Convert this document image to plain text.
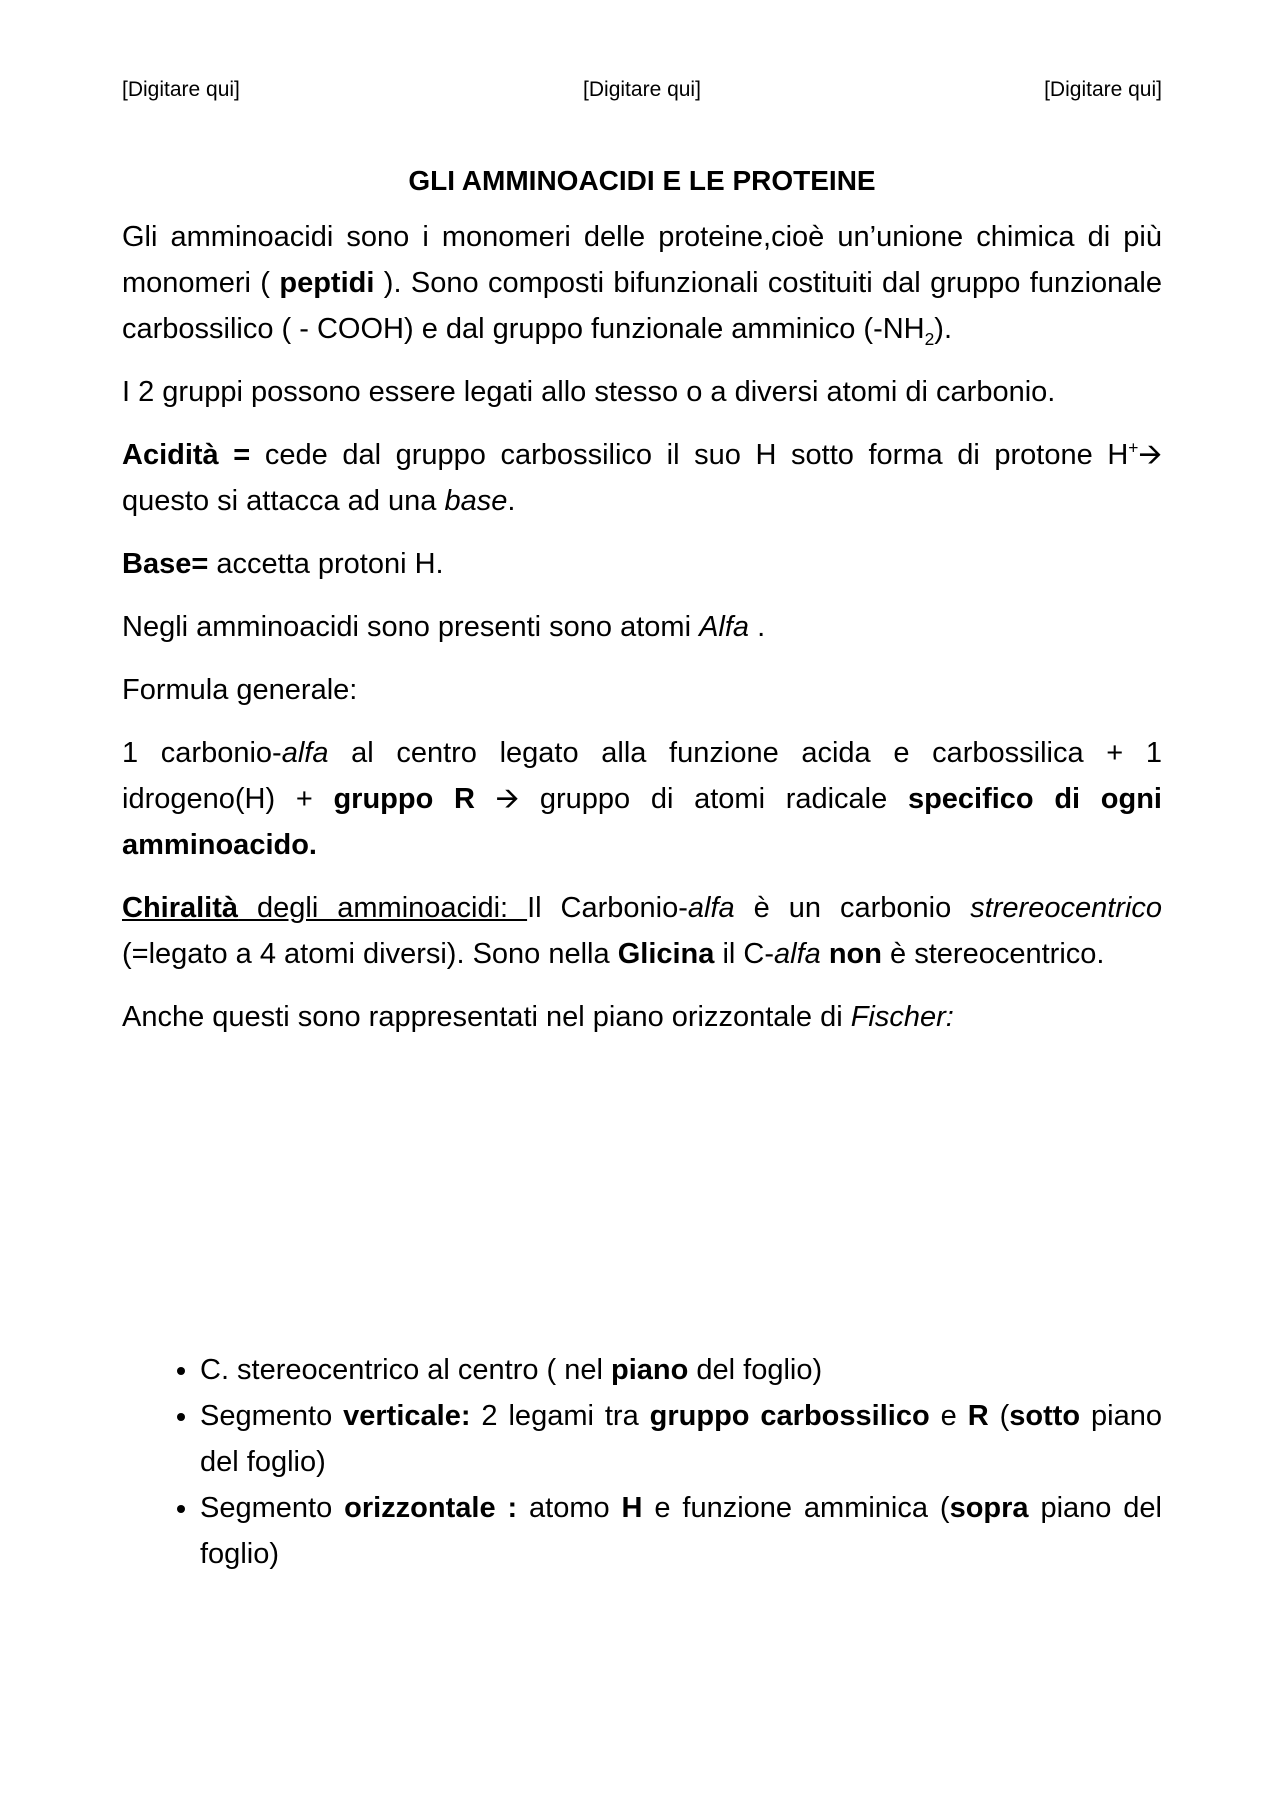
[Digitare qui]	[Digitare qui]	[Digitare qui]
GLI AMMINOACIDI E LE PROTEINE

Gli amminoacidi sono i monomeri delle proteine,cioè un’unione chimica di più monomeri ( peptidi ). Sono composti bifunzionali costituiti dal gruppo funzionale carbossilico ( - COOH) e dal gruppo funzionale amminico $(-NH_2)$.

I 2 gruppi possono essere legati allo stesso o a diversi atomi di carbonio.

Acidità = cede dal gruppo carbossilico il suo H sotto forma di protone H+🡪 questo si attacca ad una base.

Base= accetta protoni H.

Negli amminoacidi sono presenti sono atomi Alfa .

Formula generale:

1 carbonio-alfa al centro legato alla funzione acida e carbossilica + 1 idrogeno(H) + gruppo R 🡪 gruppo di atomi radicale specifico di ogni amminoacido.

Chiralità degli amminoacidi: Il Carbonio-alfa è un carbonio strereocentrico (=legato a 4 atomi diversi). Sono nella Glicina il C-alfa non è stereocentrico.

Anche questi sono rappresentati nel piano orizzontale di Fischer:

• C. stereocentrico al centro ( nel piano del foglio)
• Segmento verticale: 2 legami tra gruppo carbossilico e R (sotto piano del foglio)
• Segmento orizzontale : atomo H e funzione amminica (sopra piano del foglio)
